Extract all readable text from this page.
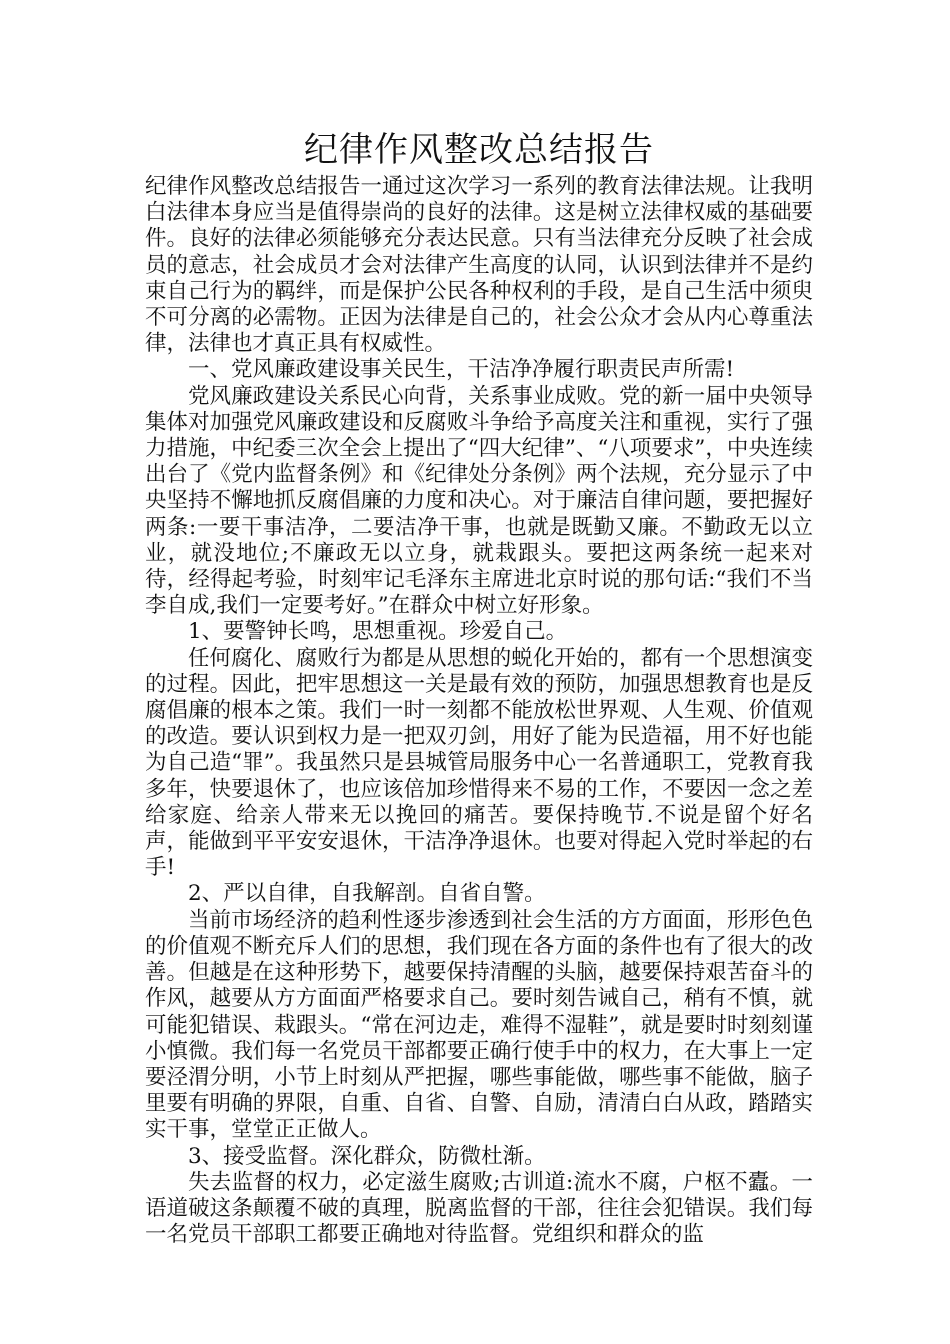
纪律作风整改总结报告

纪律作风整改总结报告一通过这次学习一系列的教育法律法规。让我明白法律本身应当是值得崇尚的良好的法律。这是树立法律权威的基础要件。良好的法律必须能够充分表达民意。只有当法律充分反映了社会成员的意志，社会成员才会对法律产生高度的认同，认识到法律并不是约束自己行为的羁绊，而是保护公民各种权利的手段，是自己生活中须臾不可分离的必需物。正因为法律是自己的，社会公众才会从内心尊重法律，法律也才真正具有权威性。

一、党风廉政建设事关民生，干洁净净履行职责民声所需!

党风廉政建设关系民心向背，关系事业成败。党的新一届中央领导集体对加强党风廉政建设和反腐败斗争给予高度关注和重视，实行了强力措施，中纪委三次全会上提出了“四大纪律”、“八项要求”，中央连续出台了《党内监督条例》和《纪律处分条例》两个法规，充分显示了中央坚持不懈地抓反腐倡廉的力度和决心。对于廉洁自律问题，要把握好两条:一要干事洁净，二要洁净干事，也就是既勤又廉。不勤政无以立业，就没地位;不廉政无以立身，就栽跟头。要把这两条统一起来对待，经得起考验，时刻牢记毛泽东主席进北京时说的那句话:“我们不当李自成,我们一定要考好。”在群众中树立好形象。

1、要警钟长鸣，思想重视。珍爱自己。

任何腐化、腐败行为都是从思想的蜕化开始的，都有一个思想演变的过程。因此，把牢思想这一关是最有效的预防，加强思想教育也是反腐倡廉的根本之策。我们一时一刻都不能放松世界观、人生观、价值观的改造。要认识到权力是一把双刃剑，用好了能为民造福，用不好也能为自己造“罪”。我虽然只是县城管局服务中心一名普通职工，党教育我多年，快要退休了，也应该倍加珍惜得来不易的工作，不要因一念之差给家庭、给亲人带来无以挽回的痛苦。要保持晚节.不说是留个好名声，能做到平平安安退休，干洁净净退休。也要对得起入党时举起的右手!

2、严以自律，自我解剖。自省自警。

当前市场经济的趋利性逐步渗透到社会生活的方方面面，形形色色的价值观不断充斥人们的思想，我们现在各方面的条件也有了很大的改善。但越是在这种形势下，越要保持清醒的头脑，越要保持艰苦奋斗的作风，越要从方方面面严格要求自己。要时刻告诫自己，稍有不慎，就可能犯错误、栽跟头。“常在河边走，难得不湿鞋”，就是要时时刻刻谨小慎微。我们每一名党员干部都要正确行使手中的权力，在大事上一定要泾渭分明，小节上时刻从严把握，哪些事能做，哪些事不能做，脑子里要有明确的界限，自重、自省、自警、自励，清清白白从政，踏踏实实干事，堂堂正正做人。

3、接受监督。深化群众，防微杜渐。

失去监督的权力，必定滋生腐败;古训道:流水不腐，户枢不蠹。一语道破这条颠覆不破的真理，脱离监督的干部，往往会犯错误。我们每一名党员干部职工都要正确地对待监督。党组织和群众的监
